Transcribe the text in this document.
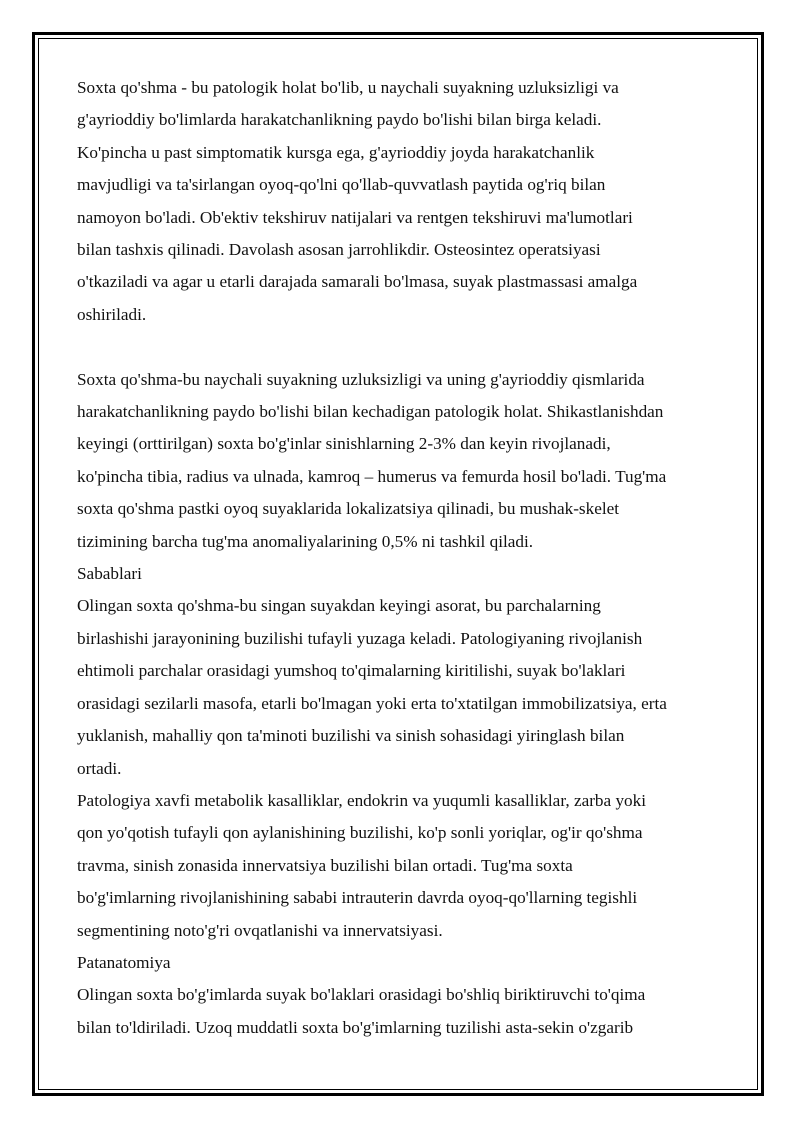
Soxta qo'shma - bu patologik holat bo'lib, u naychali suyakning uzluksizligi va
g'ayrioddiy bo'limlarda harakatchanlikning paydo bo'lishi bilan birga keladi.
Ko'pincha u past simptomatik kursga ega, g'ayrioddiy joyda harakatchanlik
mavjudligi va ta'sirlangan oyoq-qo'lni qo'llab-quvvatlash paytida og'riq bilan
namoyon bo'ladi. Ob'ektiv tekshiruv natijalari va rentgen tekshiruvi ma'lumotlari
bilan tashxis qilinadi. Davolash asosan jarrohlikdir. Osteosintez operatsiyasi
o'tkaziladi va agar u etarli darajada samarali bo'lmasa, suyak plastmassasi amalga
oshiriladi.

Soxta qo'shma-bu naychali suyakning uzluksizligi va uning g'ayrioddiy qismlarida
harakatchanlikning paydo bo'lishi bilan kechadigan patologik holat. Shikastlanishdan
keyingi (orttirilgan) soxta bo'g'inlar sinishlarning 2-3% dan keyin rivojlanadi,
ko'pincha tibia, radius va ulnada, kamroq – humerus va femurda hosil bo'ladi. Tug'ma
soxta qo'shma pastki oyoq suyaklarida lokalizatsiya qilinadi, bu mushak-skelet
tizimining barcha tug'ma anomaliyalarining 0,5% ni tashkil qiladi.

Sabablari

Olingan soxta qo'shma-bu singan suyakdan keyingi asorat, bu parchalarning
birlashishi jarayonining buzilishi tufayli yuzaga keladi. Patologiyaning rivojlanish
ehtimoli parchalar orasidagi yumshoq to'qimalarning kiritilishi, suyak bo'laklari
orasidagi sezilarli masofa, etarli bo'lmagan yoki erta to'xtatilgan immobilizatsiya, erta
yuklanish, mahalliy qon ta'minoti buzilishi va sinish sohasidagi yiringlash bilan
ortadi.

Patologiya xavfi metabolik kasalliklar, endokrin va yuqumli kasalliklar, zarba yoki
qon yo'qotish tufayli qon aylanishining buzilishi, ko'p sonli yoriqlar, og'ir qo'shma
travma, sinish zonasida innervatsiya buzilishi bilan ortadi. Tug'ma soxta
bo'g'imlarning rivojlanishining sababi intrauterin davrda oyoq-qo'llarning tegishli
segmentining noto'g'ri ovqatlanishi va innervatsiyasi.

Patanatomiya

Olingan soxta bo'g'imlarda suyak bo'laklari orasidagi bo'shliq biriktiruvchi to'qima
bilan to'ldiriladi. Uzoq muddatli soxta bo'g'imlarning tuzilishi asta-sekin o'zgarib
